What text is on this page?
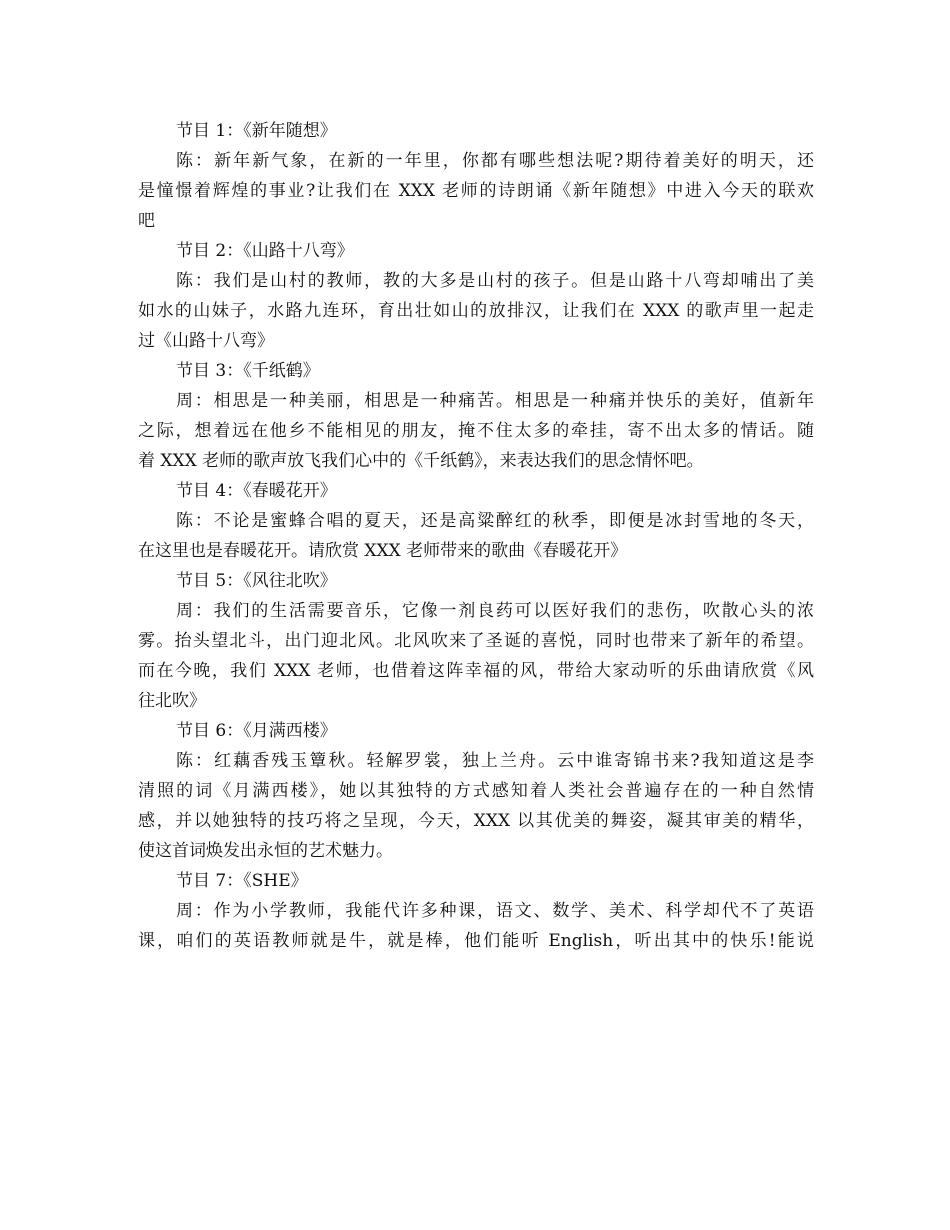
节目 1：《新年随想》
陈：新年新气象，在新的一年里，你都有哪些想法呢?期待着美好的明天，还
是憧憬着辉煌的事业?让我们在 XXX 老师的诗朗诵《新年随想》中进入今天的联欢
吧
节目 2：《山路十八弯》
陈：我们是山村的教师，教的大多是山村的孩子。但是山路十八弯却哺出了美
如水的山妹子，水路九连环，育出壮如山的放排汉，让我们在 XXX 的歌声里一起走
过《山路十八弯》
节目 3：《千纸鹤》
周：相思是一种美丽，相思是一种痛苦。相思是一种痛并快乐的美好，值新年
之际，想着远在他乡不能相见的朋友，掩不住太多的牵挂，寄不出太多的情话。随
着 XXX 老师的歌声放飞我们心中的《千纸鹤》，来表达我们的思念情怀吧。
节目 4：《春暖花开》
陈：不论是蜜蜂合唱的夏天，还是高粱醉红的秋季，即便是冰封雪地的冬天，
在这里也是春暖花开。请欣赏 XXX 老师带来的歌曲《春暖花开》
节目 5：《风往北吹》
周：我们的生活需要音乐，它像一剂良药可以医好我们的悲伤，吹散心头的浓
雾。抬头望北斗，出门迎北风。北风吹来了圣诞的喜悦，同时也带来了新年的希望。
而在今晚，我们 XXX 老师，也借着这阵幸福的风，带给大家动听的乐曲请欣赏《风
往北吹》
节目 6：《月满西楼》
陈：红藕香残玉簟秋。轻解罗裳，独上兰舟。云中谁寄锦书来?我知道这是李
清照的词《月满西楼》，她以其独特的方式感知着人类社会普遍存在的一种自然情
感，并以她独特的技巧将之呈现，今天，XXX 以其优美的舞姿，凝其审美的精华，
使这首词焕发出永恒的艺术魅力。
节目 7：《SHE》
周：作为小学教师，我能代许多种课，语文、数学、美术、科学却代不了英语
课，咱们的英语教师就是牛，就是棒，他们能听 English，听出其中的快乐!能说
